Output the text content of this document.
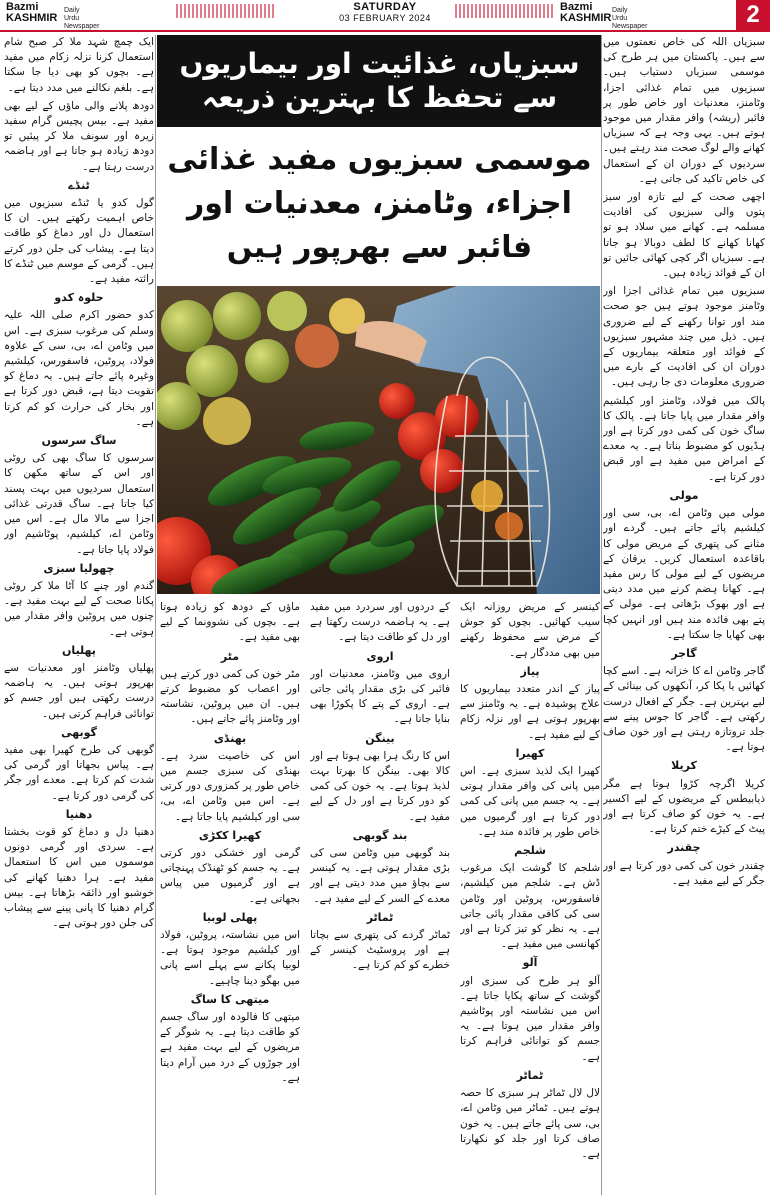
Bazmi
KASHMIR
Daily
Urdu Newspaper
SATURDAY
03 FEBRUARY 2024
Bazmi
KASHMIR
Daily
Urdu Newspaper	2
سبزیاں، غذائیت اور بیماریوں سے تحفظ کا بہترین ذریعہ
موسمی سبزیوں مفید غذائی اجزاء، وٹامنز، معدنیات اور فائبر سے بھرپور ہیں

سبزیاں اللہ کی خاص نعمتوں میں سے ہیں۔ پاکستان میں ہر طرح کی موسمی سبزیاں دستیاب ہیں۔ سبزیوں میں تمام غذائی اجزا، وٹامنز، معدنیات اور خاص طور پر فائبر (ریشہ) وافر مقدار میں موجود ہوتے ہیں۔ یہی وجہ ہے کہ سبزیاں کھانے والے لوگ صحت مند رہتے ہیں۔ سردیوں کے دوران ان کے استعمال کی خاص تاکید کی جاتی ہے۔

اچھی صحت کے لیے تازہ اور سبز پتوں والی سبزیوں کی افادیت مسلمہ ہے۔ کھانے میں سلاد ہو تو کھانا کھانے کا لطف دوبالا ہو جاتا ہے۔ سبزیاں اگر کچی کھائی جائیں تو ان کے فوائد زیادہ ہیں۔

سبزیوں میں تمام غذائی اجزا اور وٹامنز موجود ہوتے ہیں جو صحت مند اور توانا رکھنے کے لیے ضروری ہیں۔ ذیل میں چند مشہور سبزیوں کے فوائد اور متعلقہ بیماریوں کے دوران ان کی افادیت کے بارے میں ضروری معلومات دی جا رہی ہیں۔

پالک میں فولاد، وٹامنز اور کیلشیم وافر مقدار میں پایا جاتا ہے۔ پالک کا ساگ خون کی کمی دور کرتا ہے اور ہڈیوں کو مضبوط بناتا ہے۔ یہ معدے کے امراض میں مفید ہے اور قبض دور کرتا ہے۔

مولی

مولی میں وٹامن اے، بی، سی اور کیلشیم پائے جاتے ہیں۔ گردے اور مثانے کی پتھری کے مریض مولی کا باقاعدہ استعمال کریں۔ یرقان کے مریضوں کے لیے مولی کا رس مفید ہے۔ کھانا ہضم کرنے میں مدد دیتی ہے اور بھوک بڑھاتی ہے۔ مولی کے پتے بھی فائدہ مند ہیں اور انہیں کچا بھی کھایا جا سکتا ہے۔

گاجر

گاجر وٹامن اے کا خزانہ ہے۔ اسے کچا کھائیں یا پکا کر، آنکھوں کی بینائی کے لیے بہترین ہے۔ جگر کے افعال درست رکھتی ہے۔ گاجر کا جوس پینے سے جلد تروتازہ رہتی ہے اور خون صاف ہوتا ہے۔

کریلا

کریلا اگرچہ کڑوا ہوتا ہے مگر ذیابیطس کے مریضوں کے لیے اکسیر ہے۔ یہ خون کو صاف کرتا ہے اور پیٹ کے کیڑے ختم کرتا ہے۔

چقندر

چقندر خون کی کمی دور کرتا ہے اور جگر کے لیے مفید ہے۔

ایک چمچ شہد ملا کر صبح شام استعمال کرنا نزلہ زکام میں مفید ہے۔ بچوں کو بھی دیا جا سکتا ہے۔ بلغم نکالنے میں مدد دیتا ہے۔

دودھ پلانے والی ماؤں کے لیے بھی مفید ہے۔ بیس پچیس گرام سفید زیرہ اور سونف ملا کر پیئیں تو دودھ زیادہ ہو جاتا ہے اور ہاضمہ درست رہتا ہے۔

ٹنڈے

گول کدو یا ٹنڈے سبزیوں میں خاص اہمیت رکھتے ہیں۔ ان کا استعمال دل اور دماغ کو طاقت دیتا ہے۔ پیشاب کی جلن دور کرتے ہیں۔ گرمی کے موسم میں ٹنڈے کا رائتہ مفید ہے۔

حلوہ کدو

کدو حضور اکرم صلی اللہ علیہ وسلم کی مرغوب سبزی ہے۔ اس میں وٹامن اے، بی، سی کے علاوہ فولاد، پروٹین، فاسفورس، کیلشیم وغیرہ پائے جاتے ہیں۔ یہ دماغ کو تقویت دیتا ہے، قبض دور کرتا ہے اور بخار کی حرارت کو کم کرتا ہے۔

ساگ سرسوں

سرسوں کا ساگ بھی کی روٹی اور اس کے ساتھ مکھن کا استعمال سردیوں میں بہت پسند کیا جاتا ہے۔ ساگ قدرتی غذائی اجزا سے مالا مال ہے۔ اس میں وٹامن اے، کیلشیم، پوٹاشیم اور فولاد پایا جاتا ہے۔

چھولیا سبزی

گندم اور چنے کا آٹا ملا کر روٹی پکانا صحت کے لیے بہت مفید ہے۔ چنوں میں پروٹین وافر مقدار میں ہوتی ہے۔

پھلیاں

پھلیاں وٹامنز اور معدنیات سے بھرپور ہوتی ہیں۔ یہ ہاضمہ درست رکھتی ہیں اور جسم کو توانائی فراہم کرتی ہیں۔

گوبھی

گوبھی کی طرح کھیرا بھی مفید ہے۔ پیاس بجھاتا اور گرمی کی شدت کم کرتا ہے۔ معدے اور جگر کی گرمی دور کرتا ہے۔

دھنیا

دھنیا دل و دماغ کو قوت بخشتا ہے۔ سردی اور گرمی دونوں موسموں میں اس کا استعمال مفید ہے۔ ہرا دھنیا کھانے کی خوشبو اور ذائقہ بڑھاتا ہے۔ بیس گرام دھنیا کا پانی پینے سے پیشاب کی جلن دور ہوتی ہے۔

کینسر کے مریض روزانہ ایک سیب کھائیں۔ بچوں کو جوش کے مرض سے محفوظ رکھنے میں بھی مددگار ہے۔

پیاز

پیاز کے اندر متعدد بیماریوں کا علاج پوشیدہ ہے۔ یہ وٹامنز سے بھرپور ہوتی ہے اور نزلہ زکام کے لیے مفید ہے۔

کھیرا

کھیرا ایک لذیذ سبزی ہے۔ اس میں پانی کی وافر مقدار ہوتی ہے۔ یہ جسم میں پانی کی کمی دور کرتا ہے اور گرمیوں میں خاص طور پر فائدہ مند ہے۔

شلجم

شلجم کا گوشت ایک مرغوب ڈش ہے۔ شلجم میں کیلشیم، فاسفورس، پروٹین اور وٹامن سی کی کافی مقدار پائی جاتی ہے۔ یہ نظر کو تیز کرتا ہے اور کھانسی میں مفید ہے۔

آلو

آلو ہر طرح کی سبزی اور گوشت کے ساتھ پکایا جاتا ہے۔ اس میں نشاستہ اور پوٹاشیم وافر مقدار میں ہوتا ہے۔ یہ جسم کو توانائی فراہم کرتا ہے۔

ٹماٹر

لال لال ٹماٹر ہر سبزی کا حصہ ہوتے ہیں۔ ٹماٹر میں وٹامن اے، بی، سی پائے جاتے ہیں۔ یہ خون صاف کرتا اور جلد کو نکھارتا ہے۔

کے دردوں اور سردرد میں مفید ہے۔ یہ ہاضمہ درست رکھتا ہے اور دل کو طاقت دیتا ہے۔

اروی

اروی میں وٹامنز، معدنیات اور فائبر کی بڑی مقدار پائی جاتی ہے۔ اروی کے پتے کا پکوڑا بھی بنایا جاتا ہے۔

بینگن

اس کا رنگ ہرا بھی ہوتا ہے اور کالا بھی۔ بینگن کا بھرتا بہت لذیذ ہوتا ہے۔ یہ خون کی کمی کو دور کرتا ہے اور دل کے لیے مفید ہے۔

بند گوبھی

بند گوبھی میں وٹامن سی کی بڑی مقدار ہوتی ہے۔ یہ کینسر سے بچاؤ میں مدد دیتی ہے اور معدے کے السر کے لیے مفید ہے۔

ٹماٹر

ٹماٹر گردے کی پتھری سے بچاتا ہے اور پروسٹیٹ کینسر کے خطرے کو کم کرتا ہے۔

ماؤں کے دودھ کو زیادہ ہوتا ہے۔ بچوں کی نشوونما کے لیے بھی مفید ہے۔

مٹر

مٹر خون کی کمی دور کرتے ہیں اور اعصاب کو مضبوط کرتے ہیں۔ ان میں پروٹین، نشاستہ اور وٹامنز پائے جاتے ہیں۔

بھنڈی

اس کی خاصیت سرد ہے۔ بھنڈی کی سبزی جسم میں خاص طور پر کمزوری دور کرتی ہے۔ اس میں وٹامن اے، بی، سی اور کیلشیم پایا جاتا ہے۔

کھیرا ککڑی

گرمی اور خشکی دور کرتی ہے۔ یہ جسم کو ٹھنڈک پہنچاتی ہے اور گرمیوں میں پیاس بجھاتی ہے۔

پھلی لوبیا

اس میں نشاستہ، پروٹین، فولاد اور کیلشیم موجود ہوتا ہے۔ لوبیا پکانے سے پہلے اسے پانی میں بھگو دینا چاہیے۔

میتھی کا ساگ

میتھی کا فالودہ اور ساگ جسم کو طاقت دیتا ہے۔ یہ شوگر کے مریضوں کے لیے بہت مفید ہے اور جوڑوں کے درد میں آرام دیتا ہے۔
